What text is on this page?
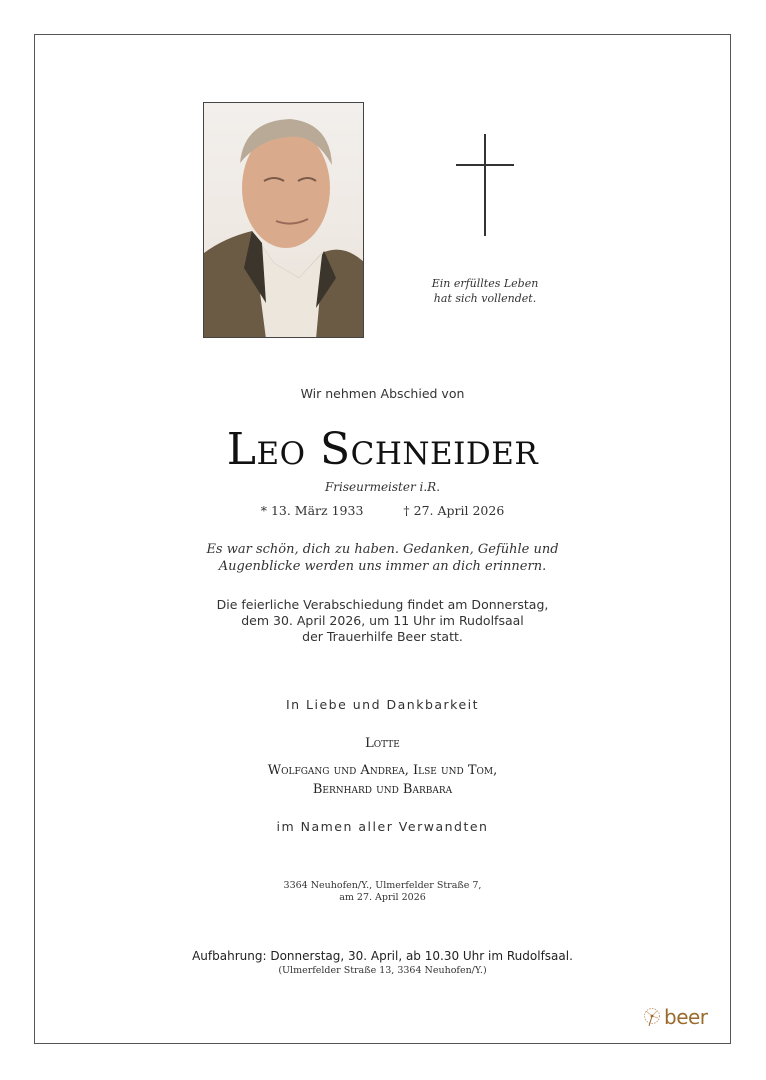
Ein erfülltes Leben
hat sich vollendet.
Wir nehmen Abschied von
Leo Schneider
Friseurmeister i.R.
* 13. März 1933	† 27. April 2026
Es war schön, dich zu haben. Gedanken, Gefühle und
Augenblicke werden uns immer an dich erinnern.
Die feierliche Verabschiedung findet am Donnerstag,
dem 30. April 2026, um 11 Uhr im Rudolfsaal
der Trauerhilfe Beer statt.
In Liebe und Dankbarkeit
Lotte
Wolfgang und Andrea, Ilse und Tom,
Bernhard und Barbara
im Namen aller Verwandten
3364 Neuhofen/Y., Ulmerfelder Straße 7,
am 27. April 2026
Aufbahrung: Donnerstag, 30. April, ab 10.30 Uhr im Rudolfsaal.
(Ulmerfelder Straße 13, 3364 Neuhofen/Y.)
beer
